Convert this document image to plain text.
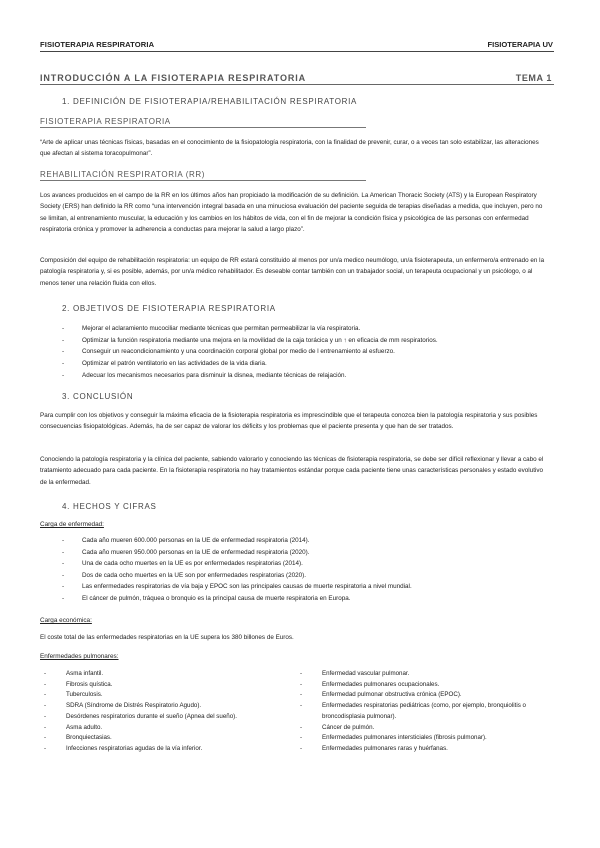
FISIOTERAPIA RESPIRATORIA	FISIOTERAPIA UV
INTRODUCCIÓN A LA FISIOTERAPIA RESPIRATORIA	TEMA 1
1. DEFINICIÓN DE FISIOTERAPIA/REHABILITACIÓN RESPIRATORIA
FISIOTERAPIA RESPIRATORIA
“Arte de aplicar unas técnicas físicas, basadas en el conocimiento de la fisiopatología respiratoria, con la finalidad de prevenir, curar, o a veces tan solo estabilizar, las alteraciones que afectan al sistema toracopulmonar”.
REHABILITACIÓN RESPIRATORIA (RR)
Los avances producidos en el campo de la RR en los últimos años han propiciado la modificación de su definición. La American Thoracic Society (ATS) y la European Respiratory Society (ERS) han definido la RR como “una intervención integral basada en una minuciosa evaluación del paciente seguida de terapias diseñadas a medida, que incluyen, pero no se limitan, al entrenamiento muscular, la educación y los cambios en los hábitos de vida, con el fin de mejorar la condición física y psicológica de las personas con enfermedad respiratoria crónica y promover la adherencia a conductas para mejorar la salud a largo plazo”.
Composición del equipo de rehabilitación respiratoria: un equipo de RR estará constituido al menos por un/a medico neumólogo, un/a fisioterapeuta, un enfermero/a entrenado en la patología respiratoria y, si es posible, además, por un/a médico rehabilitador. Es deseable contar también con un trabajador social, un terapeuta ocupacional y un psicólogo, o al menos tener una relación fluida con ellos.
2. OBJETIVOS DE FISIOTERAPIA RESPIRATORIA
-	Mejorar el aclaramiento mucociliar mediante técnicas que permitan permeabilizar la vía respiratoria.
-	Optimizar la función respiratoria mediante una mejora en la movilidad de la caja torácica y un ↑ en eficacia de mm respiratorios.
-	Conseguir un reacondicionamiento y una coordinación corporal global por medio de l entrenamiento al esfuerzo.
-	Optimizar el patrón ventilatorio en las actividades de la vida diaria.
-	Adecuar los mecanismos necesarios para disminuir la disnea, mediante técnicas de relajación.
3. CONCLUSIÓN
Para cumplir con los objetivos y conseguir la máxima eficacia de la fisioterapia respiratoria es imprescindible que el terapeuta conozca bien la patología respiratoria y sus posibles consecuencias fisiopatológicas. Además, ha de ser capaz de valorar los déficits y los problemas que el paciente presenta y que han de ser tratados.
Conociendo la patología respiratoria y la clínica del paciente, sabiendo valorarlo y conociendo las técnicas de fisioterapia respiratoria, se debe ser difícil reflexionar y llevar a cabo el tratamiento adecuado para cada paciente. En la fisioterapia respiratoria no hay tratamientos estándar porque cada paciente tiene unas características personales y estado evolutivo de la enfermedad.
4. HECHOS Y CIFRAS
Carga de enfermedad:
-	Cada año mueren 600.000 personas en la UE de enfermedad respiratoria (2014).
-	Cada año mueren 950.000 personas en la UE de enfermedad respiratoria (2020).
-	Una de cada ocho muertes en la UE es por enfermedades respiratorias (2014).
-	Dos de cada ocho muertes en la UE son por enfermedades respiratorias (2020).
-	Las enfermedades respiratorias de vía baja y EPOC son las principales causas de muerte respiratoria a nivel mundial.
-	El cáncer de pulmón, tráquea o bronquio es la principal causa de muerte respiratoria en Europa.
Carga económica:
El coste total de las enfermedades respiratorias en la UE supera los 380 billones de Euros.
Enfermedades pulmonares:
-	Asma infantil.
-	Fibrosis quística.
-	Tuberculosis.
-	SDRA (Síndrome de Distrés Respiratorio Agudo).
-	Desórdenes respiratorios durante el sueño (Apnea del sueño).
-	Asma adulto.
-	Bronquiectasias.
-	Infecciones respiratorias agudas de la vía inferior.
-	Enfermedad vascular pulmonar.
-	Enfermedades pulmonares ocupacionales.
-	Enfermedad pulmonar obstructiva crónica (EPOC).
-	Enfermedades respiratorias pediátricas (como, por ejemplo, bronquiolitis o broncodisplasia pulmonar).
-	Cáncer de pulmón.
-	Enfermedades pulmonares intersticiales (fibrosis pulmonar).
-	Enfermedades pulmonares raras y huérfanas.
